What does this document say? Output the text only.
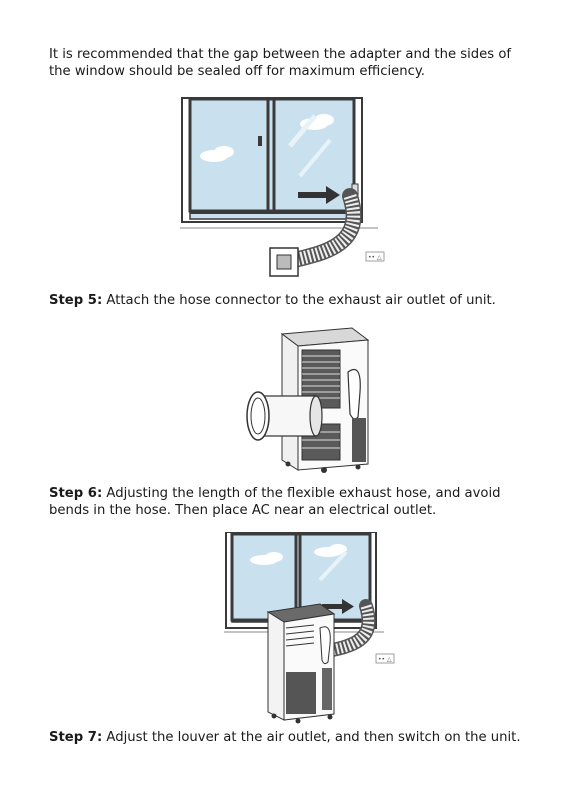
It is recommended that the gap between the adapter and the sides of the window should be sealed off for maximum efficiency.

•• △

Step 5: Attach the hose connector to the exhaust air outlet of unit.

Step 6: Adjusting the length of the flexible exhaust hose, and avoid bends in the hose. Then place AC near an electrical outlet.

•• △

Step 7: Adjust the louver at the air outlet, and then switch on the unit.
